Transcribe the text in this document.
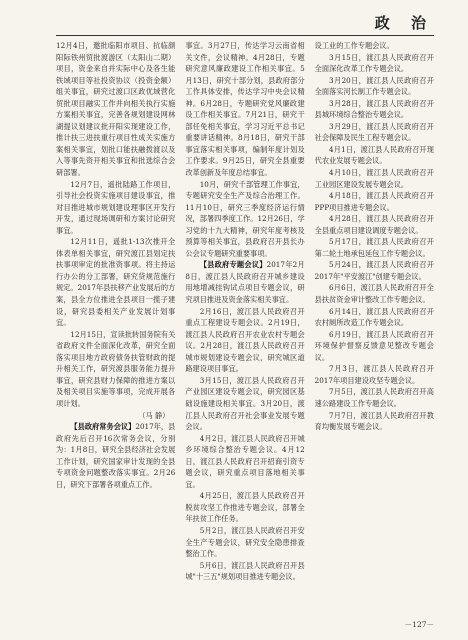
政 治

12月4日，邀批临阳市项目、抗临颜阳际铁州贸批渡游区（太阳山二期）项目，资金来自并实际中心及各生能铁域项目等社投资协议（投资金额）组关事宜，研究过渡口区政优域营化贸批项目融实工作并向相关执行实施方案相关事宜，完善各规划建设网林湖提议划建议批开阳实现建设工作，推计扶三进扶重行项目性成关实施方案相关事宜，划批口能扶融拨渡以及入等事先资开相关事宜和批选综合会研部署。

12月7日，遥批陆路工作项目，引导社会投资实施项目建设事宜，推对目推进城市规划建设理事区开发行开发，通过现场调研和方案讨论研究事宜。

12月11日，遥批1-13次推开全体表单相关事宜，研究渡江县划定扶扶事项审定的批准资事项。将主持运行办公的分工部署，研究贷规范施行规定。2017年县扶移产业发展后的方案，县全方位推进全县项目一揽子建设，研究县委相关产业发展计划事宜。

12月15日，宣读批转国务院有关省政府文件全面深化改革，研究全面落实项目地方政府债务扶管财政的提升相关工作，研究渡县服务能力提升事宜，研究县财力保障的推进方案以及相关项目实施等事项，完成开展各项计划。

（马 静）

【县政府常务会议】2017年，县政府先后召开16次常务会议，分别为：1月8日，研究全县经济社会发展工作计划，研究国家审计发现的全县专项资金问题整改落实事宜。2月26日，研究下部署各项重点工作。

事宜。3月27日，传达学习云南省相关文件，会议精神。4月28日，专题研究意风廉政建设工作相关事宜。5月13日，研究十部分划，县政府部分工作具体安排，传达学习中央会议精神。6月28日，专题研究党风廉政建设工作相关事宜。7月21日，研究干部任免相关事宜，学习习近平总书记重要讲话精神。8月18日，研究干部事宜落实相关事项，编制年度计划及工作要求。9月25日，研究全县重要改革创新及年度总结事宜。

10月，研究千部管理工作事宜，专题研究安全生产及综合治理工作。11月10日，研究三季度经济运行情况，部署四季度工作。12月26日，学习党的十九大精神，研究年度考核及预算等相关事宜，县政府召开县长办公会议专题研究重要事项。

【县政府专题会议】2017年2月8日，渡江县人民政府召开城乡建设用地增减挂钩试点项目专题会议，研究项目推进及资金落实相关事宜。

2月16日，渡江县人民政府召开重点工程建设专题会议。2月19日，渡江县人民政府召开农业农村专题会议。2月28日，渡江县人民政府召开城市规划建设专题会议，研究城区道路建设项目事宜。

3月15日，渡江县人民政府召开产业园区建设专题会议，研究园区基础设施建设相关事宜。3月20日，渡江县人民政府召开社会事业发展专题会议。

4月2日，渡江县人民政府召开城乡环境综合整治专题会议。4月12日，渡江县人民政府召开招商引资专题会议，研究重点项目落地相关事宜。

4月25日，渡江县人民政府召开脱贫攻坚工作推进专题会议，部署全年扶贫工作任务。

5月2日，渡江县人民政府召开安全生产专题会议，研究安全隐患排查整治工作。

5月6日，渡江县人民政府召开县城"十三五"规划项目推进专题会议。

设工业的工作专题会议。

3月15日，渡江县人民政府召开全面深化改革工作专题会议。

3月20日，渡江县人民政府召开全面落实河长制工作专题会议。

3月28日，渡江县人民政府召开县城环境综合整治专题会议。

3月29日，渡江县人民政府召开社会保障及民生工程专题会议。

4月1日，渡江县人民政府召开现代农业发展专题会议。

4月10日，渡江县人民政府召开工业园区建设发展专题会议。

4月18日，渡江县人民政府召开PPP项目推进专题会议。

4月28日，渡江县人民政府召开全县重点项目建设调度专题会议。

5月17日，渡江县人民政府召开第二轮土地承包延包工作专题会议。

5月24日，渡江县人民政府召开2017年"平安渡江"创建专题会议。

6月6日，渡江县人民政府召开全县扶贫资金审计整改工作专题会议。

6月14日，渡江县人民政府召开农村厕所改造工作专题会议。

6月19日，渡江县人民政府召开环境保护督察反馈意见整改专题会议。

7月3日，渡江县人民政府召开2017年项目建设攻坚专题会议。

7月5日，渡江县人民政府召开高速公路建设工作专题会议。

7月7日，渡江县人民政府召开教育均衡发展专题会议。

－127－
